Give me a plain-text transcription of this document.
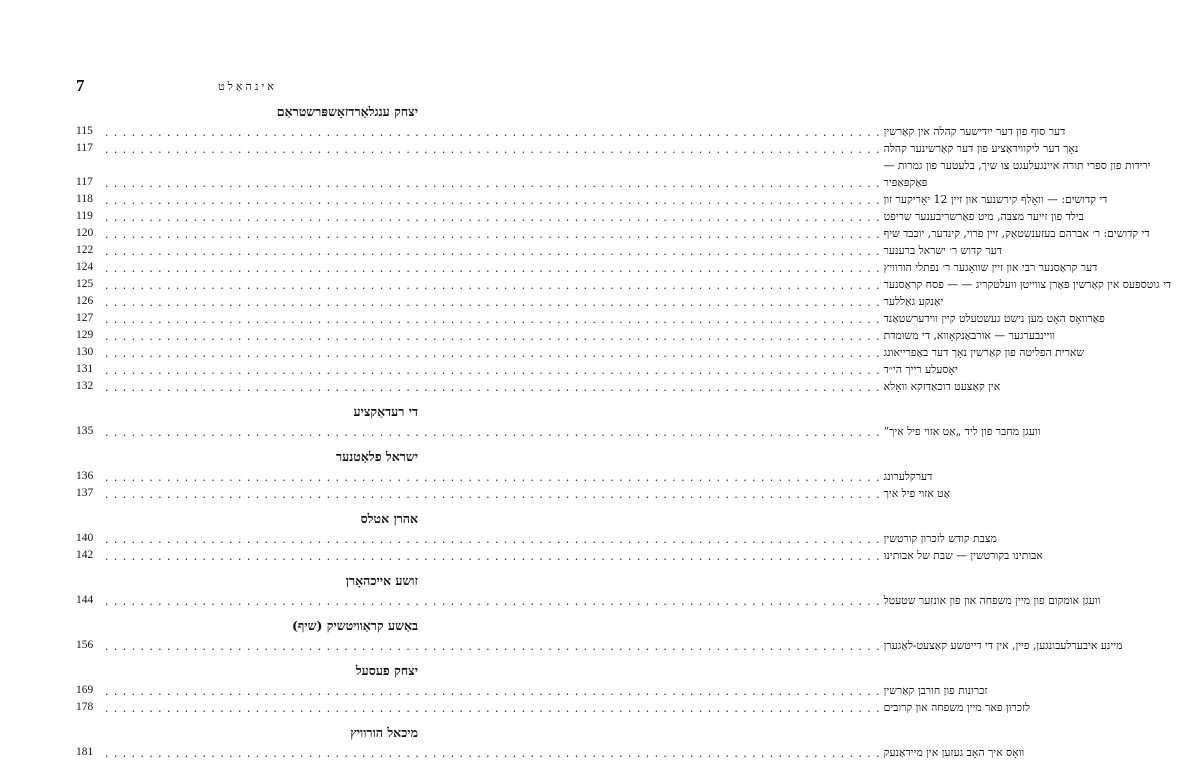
7	אינהאַלט
יצחק ענגלאַרדזאָשפּרשטראַם
115 . . .	דער סוף פון דער ייִדישער קהלה אין קאַרשין
117 . . .	נאָך דער ליקווידאַציע פון דער קאַרשינער קהלה
ירידות פון ספרי תורה איינגעלעגט צו שיך, בלעטער פון גמרות —
117 . . .	פּאַקפּאַפּיר
118 . . .	די קדושים: — וואָלף קירשנער און זיין 12 יאָריקער זון
119 . . .	בילד פון זייער מצבה, מיט פאַרשריבענער שריפט
120 . . .	די קדושים: ר׳ אברהם בעזענשטאַק, זיין פרוי, קינדער, יוכבד שיף
122 . . .	דער קדוש ר׳ ישראל ברענער
124 . . .	דער קראַסנער רבי און זיין שוואָגער ר׳ נפתלי הורוויץ
125 . . .	די גוטספעס אין קאַרשין פאַרן צווייטן וועלטקריג — — פסח קראַסנער
126 . . .	יאַנקע גאַללער
127 . . .	פאַרוואָס האָט מען נישט געשטעלט קיין ווידערשטאַנד
129 . . .	וויינבערגער — אורבאַנקאָווא, די משומדת
130 . . .	שארית הפליטה פון קאַרשין נאָך דער באַפרייאונג
131 . . .	יאָסעלע רייך הי״ד
132 . . .	אין קאַצעט דוכאַדזקא וואָלא
די רעדאַקציע
135 . . .	וועגן מחבר פון ליד „אַט אזוי פיל איך”
ישראל פלאַטנער
136 . . .	דערקלערונג
137 . . .	אַט אזוי פיל איך
אהרן אטלס
140 . . .	מצבת קודש לזכרון קורטשין
142 . . .	אבותינו בקורטשין — שבת של אבותינו
זושע אייכהאָרן
144 . . .	וועגן אומקום פון מיין משפחה און פון אונזער שטעטל
באַשע קראַוויטשיק (שיף)
156 . . .	מיינע איבערלעבונגען, פיין, אין די דייטשע קאַצעט-לאַגערן
יצחק פעסעל
169 . . .	זכרונות פון חורבן קאַרשין
178 . . .	לזכרון פאר מיין משפחה און קרובים
מיכאל הורוויץ
181 . . .	וואָס איך האָב געזען אין מיידאַנעק
